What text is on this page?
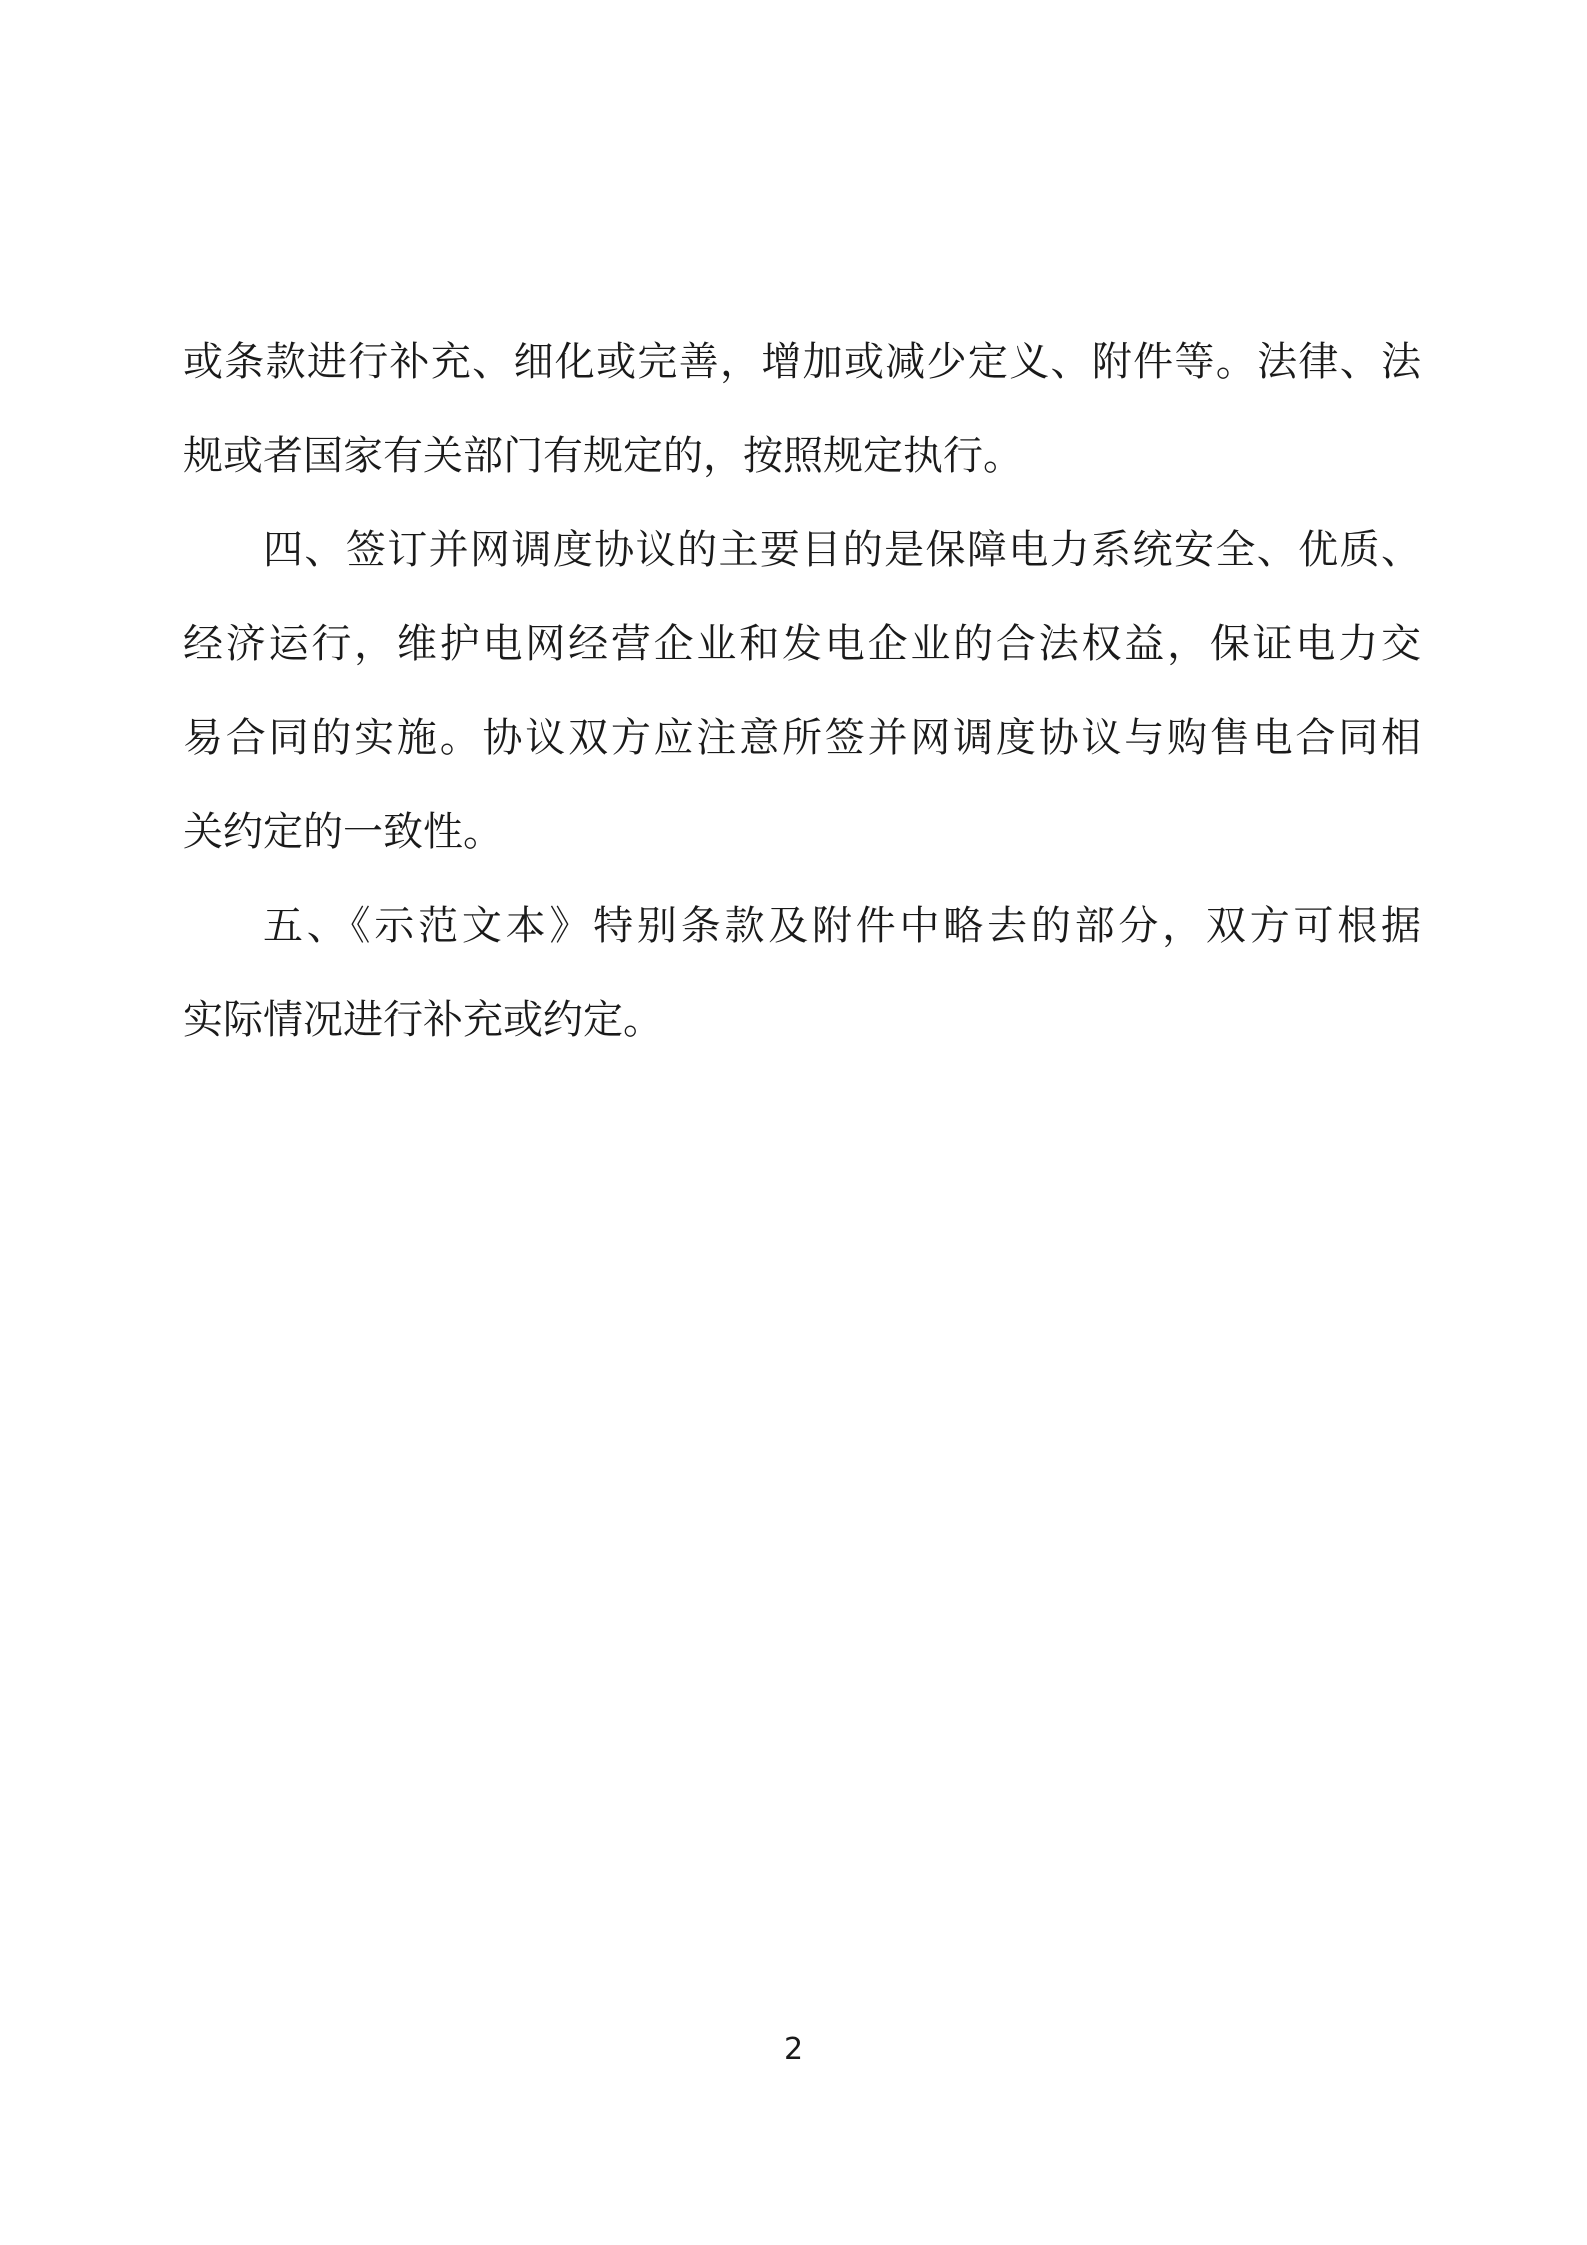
或条款进行补充、细化或完善，增加或减少定义、附件等。法律、法
规或者国家有关部门有规定的，按照规定执行。
四、签订并网调度协议的主要目的是保障电力系统安全、优质、
经济运行，维护电网经营企业和发电企业的合法权益，保证电力交
易合同的实施。协议双方应注意所签并网调度协议与购售电合同相
关约定的一致性。
五、《示范文本》特别条款及附件中略去的部分，双方可根据
实际情况进行补充或约定。
2
